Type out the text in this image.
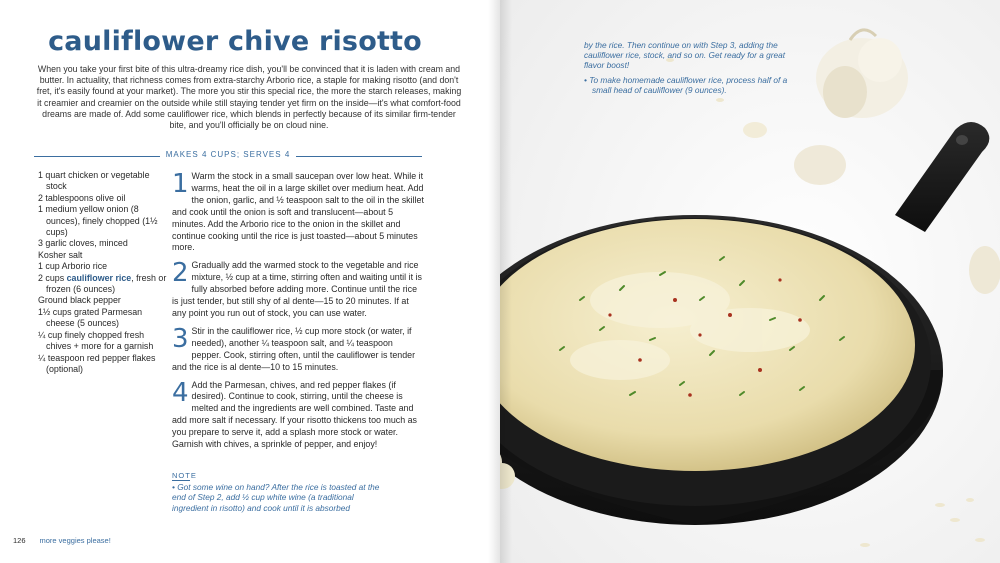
cauliflower chive risotto

When you take your first bite of this ultra-dreamy rice dish, you'll be convinced that it is laden with cream and butter. In actuality, that richness comes from extra-starchy Arborio rice, a staple for making risotto (and don't fret, it's easily found at your market). The more you stir this special rice, the more the starch releases, making it creamier and creamier on the outside while still staying tender yet firm on the inside—it's what comfort-food dreams are made of. Add some cauliflower rice, which blends in perfectly because of its similar firm-tender bite, and you'll officially be on cloud nine.

MAKES 4 CUPS; SERVES 4
1 quart chicken or vegetable stock
2 tablespoons olive oil
1 medium yellow onion (8 ounces), finely chopped (1½ cups)
3 garlic cloves, minced
Kosher salt
1 cup Arborio rice
2 cups cauliflower rice, fresh or frozen (6 ounces)
Ground black pepper
1½ cups grated Parmesan cheese (5 ounces)
¼ cup finely chopped fresh chives + more for a garnish
¼ teaspoon red pepper flakes (optional)
1 Warm the stock in a small saucepan over low heat. While it warms, heat the oil in a large skillet over medium heat. Add the onion, garlic, and ½ teaspoon salt to the oil in the skillet and cook until the onion is soft and translucent—about 5 minutes. Add the Arborio rice to the onion in the skillet and continue cooking until the rice is just toasted—about 5 minutes more.
2 Gradually add the warmed stock to the vegetable and rice mixture, ½ cup at a time, stirring often and waiting until it is fully absorbed before adding more. Continue until the rice is just tender, but still shy of al dente—15 to 20 minutes. If at any point you run out of stock, you can use water.
3 Stir in the cauliflower rice, ½ cup more stock (or water, if needed), another ¼ teaspoon salt, and ¼ teaspoon pepper. Cook, stirring often, until the cauliflower is tender and the rice is al dente—10 to 15 minutes.
4 Add the Parmesan, chives, and red pepper flakes (if desired). Continue to cook, stirring, until the cheese is melted and the ingredients are well combined. Taste and add more salt if necessary. If your risotto thickens too much as you prepare to serve it, add a splash more stock or water. Garnish with chives, a sprinkle of pepper, and enjoy!
NOTE
• Got some wine on hand? After the rice is toasted at the end of Step 2, add ½ cup white wine (a traditional ingredient in risotto) and cook until it is absorbed
126 more veggies please!

by the rice. Then continue on with Step 3, adding the cauliflower rice, stock, and so on. Get ready for a great flavor boost!

• To make homemade cauliflower rice, process half of a small head of cauliflower (9 ounces).
